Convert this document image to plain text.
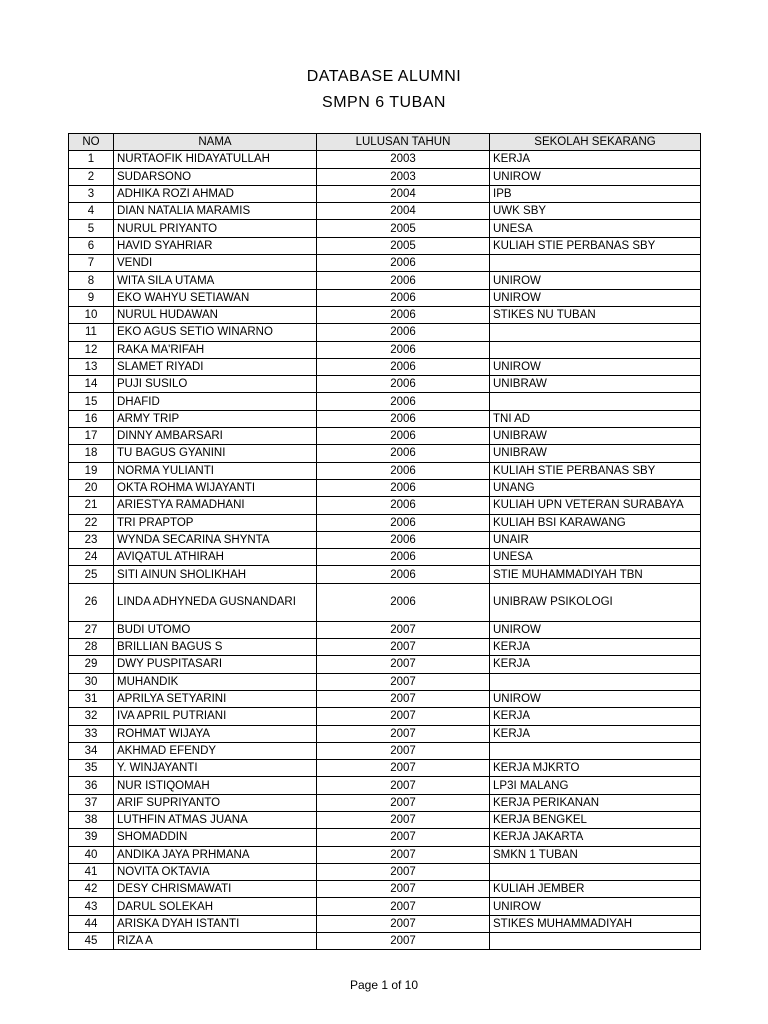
DATABASE ALUMNI
SMPN 6 TUBAN
NO	NAMA	LULUSAN TAHUN	SEKOLAH SEKARANG
1	NURTAOFIK HIDAYATULLAH	2003	KERJA
2	SUDARSONO	2003	UNIROW
3	ADHIKA ROZI AHMAD	2004	IPB
4	DIAN NATALIA MARAMIS	2004	UWK SBY
5	NURUL PRIYANTO	2005	UNESA
6	HAVID SYAHRIAR	2005	KULIAH STIE PERBANAS SBY
7	VENDI	2006	
8	WITA SILA UTAMA	2006	UNIROW
9	EKO WAHYU SETIAWAN	2006	UNIROW
10	NURUL HUDAWAN	2006	STIKES NU TUBAN
11	EKO AGUS SETIO WINARNO	2006	
12	RAKA MA'RIFAH	2006	
13	SLAMET RIYADI	2006	UNIROW
14	PUJI SUSILO	2006	UNIBRAW
15	DHAFID	2006	
16	ARMY TRIP	2006	TNI AD
17	DINNY AMBARSARI	2006	UNIBRAW
18	TU BAGUS GYANINI	2006	UNIBRAW
19	NORMA YULIANTI	2006	KULIAH STIE PERBANAS SBY
20	OKTA ROHMA WIJAYANTI	2006	UNANG
21	ARIESTYA RAMADHANI	2006	KULIAH UPN VETERAN SURABAYA
22	TRI PRAPTOP	2006	KULIAH BSI KARAWANG
23	WYNDA SECARINA SHYNTA	2006	UNAIR
24	AVIQATUL ATHIRAH	2006	UNESA
25	SITI AINUN SHOLIKHAH	2006	STIE MUHAMMADIYAH TBN
26	LINDA ADHYNEDA GUSNANDARI	2006	UNIBRAW PSIKOLOGI
27	BUDI UTOMO	2007	UNIROW
28	BRILLIAN BAGUS S	2007	KERJA
29	DWY PUSPITASARI	2007	KERJA
30	MUHANDIK	2007	
31	APRILYA SETYARINI	2007	UNIROW
32	IVA APRIL PUTRIANI	2007	KERJA
33	ROHMAT WIJAYA	2007	KERJA
34	AKHMAD EFENDY	2007	
35	Y. WINJAYANTI	2007	KERJA MJKRTO
36	NUR ISTIQOMAH	2007	LP3I MALANG
37	ARIF SUPRIYANTO	2007	KERJA PERIKANAN
38	LUTHFIN ATMAS JUANA	2007	KERJA BENGKEL
39	SHOMADDIN	2007	KERJA JAKARTA
40	ANDIKA JAYA PRHMANA	2007	SMKN 1 TUBAN
41	NOVITA OKTAVIA	2007	
42	DESY CHRISMAWATI	2007	KULIAH JEMBER
43	DARUL SOLEKAH	2007	UNIROW
44	ARISKA DYAH ISTANTI	2007	STIKES MUHAMMADIYAH
45	RIZA A	2007	
Page 1 of 10
